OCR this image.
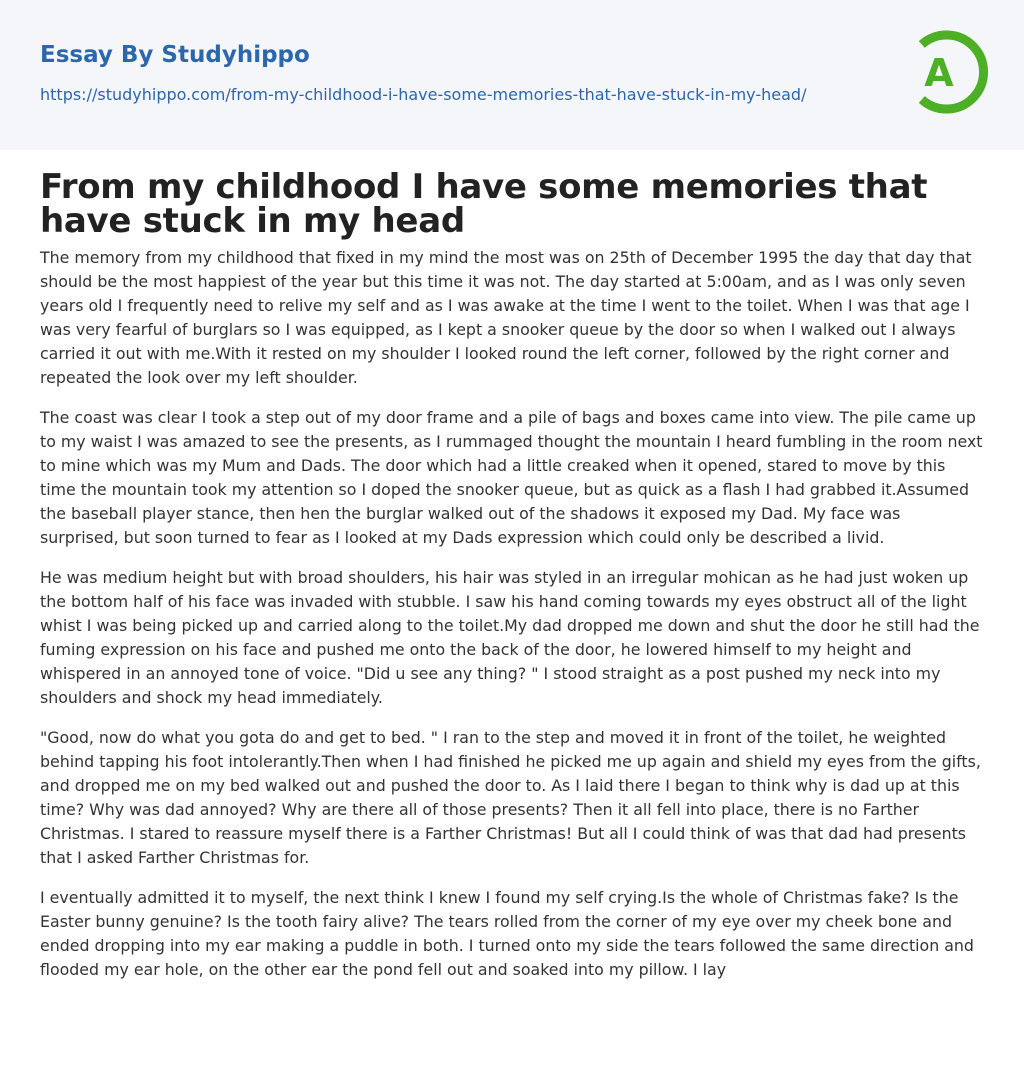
Essay By Studyhippo
https://studyhippo.com/from-my-childhood-i-have-some-memories-that-have-stuck-in-my-head/	A
From my childhood I have some memories that have stuck in my head

The memory from my childhood that fixed in my mind the most was on 25th of December 1995 the day that day that should be the most happiest of the year but this time it was not. The day started at 5:00am, and as I was only seven years old I frequently need to relive my self and as I was awake at the time I went to the toilet. When I was that age I was very fearful of burglars so I was equipped, as I kept a snooker queue by the door so when I walked out I always carried it out with me.With it rested on my shoulder I looked round the left corner, followed by the right corner and repeated the look over my left shoulder.

The coast was clear I took a step out of my door frame and a pile of bags and boxes came into view. The pile came up to my waist I was amazed to see the presents, as I rummaged thought the mountain I heard fumbling in the room next to mine which was my Mum and Dads. The door which had a little creaked when it opened, stared to move by this time the mountain took my attention so I doped the snooker queue, but as quick as a flash I had grabbed it.Assumed the baseball player stance, then hen the burglar walked out of the shadows it exposed my Dad. My face was surprised, but soon turned to fear as I looked at my Dads expression which could only be described a livid.

He was medium height but with broad shoulders, his hair was styled in an irregular mohican as he had just woken up the bottom half of his face was invaded with stubble. I saw his hand coming towards my eyes obstruct all of the light whist I was being picked up and carried along to the toilet.My dad dropped me down and shut the door he still had the fuming expression on his face and pushed me onto the back of the door, he lowered himself to my height and whispered in an annoyed tone of voice. "Did u see any thing? " I stood straight as a post pushed my neck into my shoulders and shock my head immediately.

"Good, now do what you gota do and get to bed. " I ran to the step and moved it in front of the toilet, he weighted behind tapping his foot intolerantly.Then when I had finished he picked me up again and shield my eyes from the gifts, and dropped me on my bed walked out and pushed the door to. As I laid there I began to think why is dad up at this time? Why was dad annoyed? Why are there all of those presents? Then it all fell into place, there is no Farther Christmas. I stared to reassure myself there is a Farther Christmas! But all I could think of was that dad had presents that I asked Farther Christmas for.

I eventually admitted it to myself, the next think I knew I found my self crying.Is the whole of Christmas fake? Is the Easter bunny genuine? Is the tooth fairy alive? The tears rolled from the corner of my eye over my cheek bone and ended dropping into my ear making a puddle in both. I turned onto my side the tears followed the same direction and flooded my ear hole, on the other ear the pond fell out and soaked into my pillow. I lay
